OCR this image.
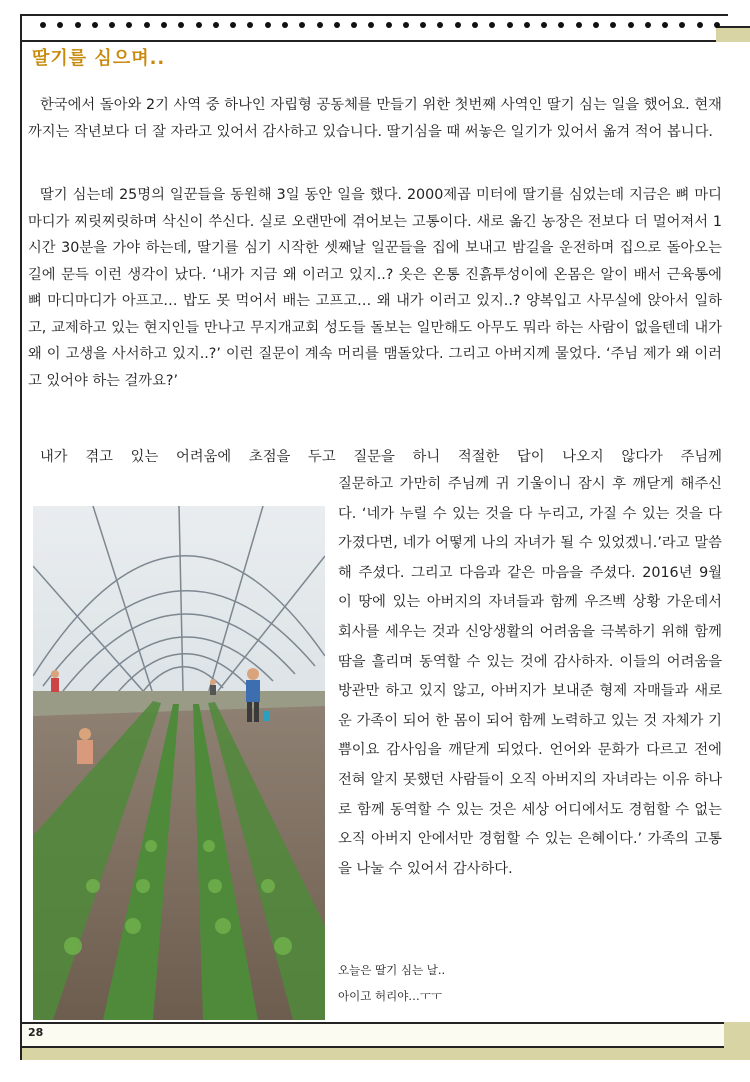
딸기를 심으며..

한국에서 돌아와 2기 사역 중 하나인 자립형 공동체를 만들기 위한 첫번째 사역인 딸기 심는 일을 했어요. 현재까지는 작년보다 더 잘 자라고 있어서 감사하고 있습니다. 딸기심을 때 써놓은 일기가 있어서 옮겨 적어 봅니다.

딸기 심는데 25명의 일꾼들을 동원해 3일 동안 일을 했다. 2000제곱 미터에 딸기를 심었는데 지금은 뼈 마디마디가 찌릿찌릿하며 삭신이 쑤신다. 실로 오랜만에 겪어보는 고통이다. 새로 옮긴 농장은 전보다 더 멀어져서 1시간 30분을 가야 하는데, 딸기를 심기 시작한 셋째날 일꾼들을 집에 보내고 밤길을 운전하며 집으로 돌아오는 길에 문득 이런 생각이 났다. ‘내가 지금 왜 이러고 있지..? 옷은 온통 진흙투성이에 온몸은 알이 배서 근육통에 뼈 마디마디가 아프고… 밥도 못 먹어서 배는 고프고… 왜 내가 이러고 있지..? 양복입고 사무실에 앉아서 일하고, 교제하고 있는 현지인들 만나고 무지개교회 성도들 돌보는 일만해도 아무도 뭐라 하는 사람이 없을텐데 내가 왜 이 고생을 사서하고 있지..?’ 이런 질문이 계속 머리를 맴돌았다. 그리고 아버지께 물었다. ‘주님 제가 왜 이러고 있어야 하는 걸까요?’

내가 겪고 있는 어려움에 초점을 두고 질문을 하니 적절한 답이 나오지 않다가 주님께

질문하고 가만히 주님께 귀 기울이니 잠시 후 깨닫게 해주신다. ‘네가 누릴 수 있는 것을 다 누리고, 가질 수 있는 것을 다 가졌다면, 네가 어떻게 나의 자녀가 될 수 있었겠니.’라고 말씀해 주셨다. 그리고 다음과 같은 마음을 주셨다. 2016년 9월 이 땅에 있는 아버지의 자녀들과 함께 우즈벡 상황 가운데서 회사를 세우는 것과 신앙생활의 어려움을 극복하기 위해 함께 땀을 흘리며 동역할 수 있는 것에 감사하자. 이들의 어려움을 방관만 하고 있지 않고, 아버지가 보내준 형제 자매들과 새로운 가족이 되어 한 몸이 되어 함께 노력하고 있는 것 자체가 기쁨이요 감사임을 깨닫게 되었다. 언어와 문화가 다르고 전에 전혀 알지 못했던 사람들이 오직 아버지의 자녀라는 이유 하나로 함께 동역할 수 있는 것은 세상 어디에서도 경험할 수 없는 오직 아버지 안에서만 경험할 수 있는 은혜이다.’ 가족의 고통을 나눌 수 있어서 감사하다.

오늘은 딸기 심는 날..
아이고 허리야…ㅜㅜ
28
